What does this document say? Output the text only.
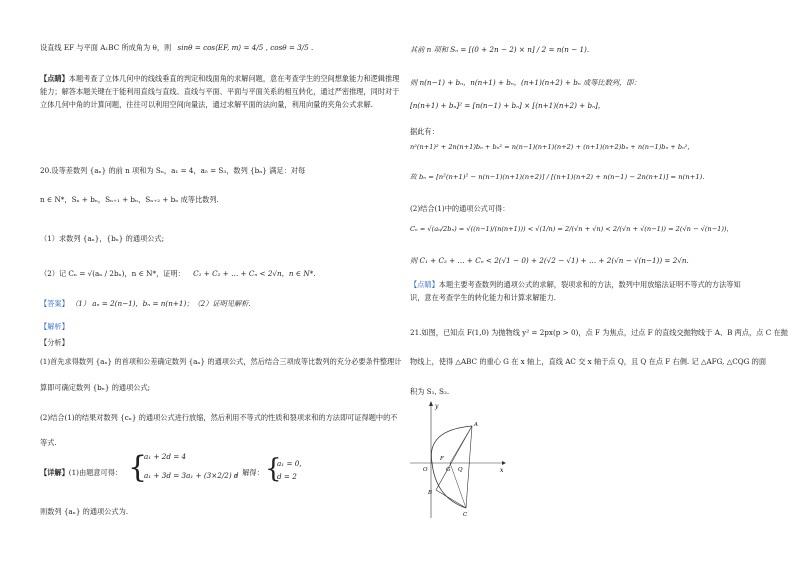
设直线 EF 与平面 A₁BC 所成角为 θ，则 sinθ = cos⟨EF, m⟩ = 4/5 , cosθ = 3/5 .
【点睛】本题考查了立体几何中的线线垂直的判定和线面角的求解问题，意在考查学生的空间想象能力和逻辑推理能力；解答本题关键在于能利用直线与直线、直线与平面、平面与平面关系的相互转化，通过严密推理，同时对于立体几何中角的计算问题，往往可以利用空间向量法，通过求解平面的法向量，利用向量的夹角公式求解.
20.设等差数列 {aₙ} 的前 n 项和为 Sₙ，a₁ = 4，a₅ = S₃，数列 {bₙ} 满足：对每
n ∈ N*，Sₙ + bₙ，Sₙ₊₁ + bₙ，Sₙ₊₂ + bₙ 成等比数列.
（1）求数列 {aₙ}，{bₙ} 的通项公式;
（2）记 Cₙ = √(aₙ / 2bₙ)，n ∈ N*，证明： C₁ + C₂ + … + Cₙ < 2√n，n ∈ N*.
【答案】 （1） aₙ = 2(n−1)，bₙ = n(n+1)；（2）证明见解析.
【解析】
【分析】
(1)首先求得数列 {aₙ} 的首项和公差确定数列 {aₙ} 的通项公式，然后结合三项成等比数列的充分必要条件整理计
算即可确定数列 {bₙ} 的通项公式;
(2)结合(1)的结果对数列 {cₙ} 的通项公式进行放缩，然后利用不等式的性质和裂项求和的方法即可证得题中的不
等式.
【详解】(1)由题意可得： {
a₁ + 2d = 4
a₁ + 3d = 3a₁ + (3×2/2) d
，解得： {
a₁ = 0,
d = 2
则数列 {aₙ} 的通项公式为.
其前 n 项和 Sₙ = [(0 + 2n − 2) × n] / 2 = n(n − 1).
则 n(n−1) + bₙ，n(n+1) + bₙ，(n+1)(n+2) + bₙ 成等比数列，即：
[n(n+1) + bₙ]² = [n(n−1) + bₙ] × [(n+1)(n+2) + bₙ]，
据此有：
n²(n+1)² + 2n(n+1)bₙ + bₙ² = n(n−1)(n+1)(n+2) + (n+1)(n+2)bₙ + n(n−1)bₙ + bₙ²，
故 bₙ = [n²(n+1)² − n(n−1)(n+1)(n+2)] / [(n+1)(n+2) + n(n−1) − 2n(n+1)] = n(n+1).
(2)结合(1)中的通项公式可得：
Cₙ = √(aₙ/2bₙ) = √((n−1)/(n(n+1))) < √(1/n) = 2/(√n + √n) < 2/(√n + √(n−1)) = 2(√n − √(n−1))，
则 C₁ + C₂ + … + Cₙ < 2(√1 − 0) + 2(√2 − √1) + … + 2(√n − √(n−1)) = 2√n.
【点睛】本题主要考查数列的通项公式的求解，裂项求和的方法，数列中用放缩法证明不等式的方法等知识，意在考查学生的转化能力和计算求解能力.
21.如图，已知点 F(1,0) 为抛物线 y² = 2px(p > 0)，点 F 为焦点，过点 F 的直线交抛物线于 A、B 两点，点 C 在抛
物线上，使得 △ABC 的重心 G 在 x 轴上，直线 AC 交 x 轴于点 Q，且 Q 在点 F 右侧. 记 △AFG, △CQG 的面
积为 S₁, S₂.
y
x
O
A
B
C
F
G Q
